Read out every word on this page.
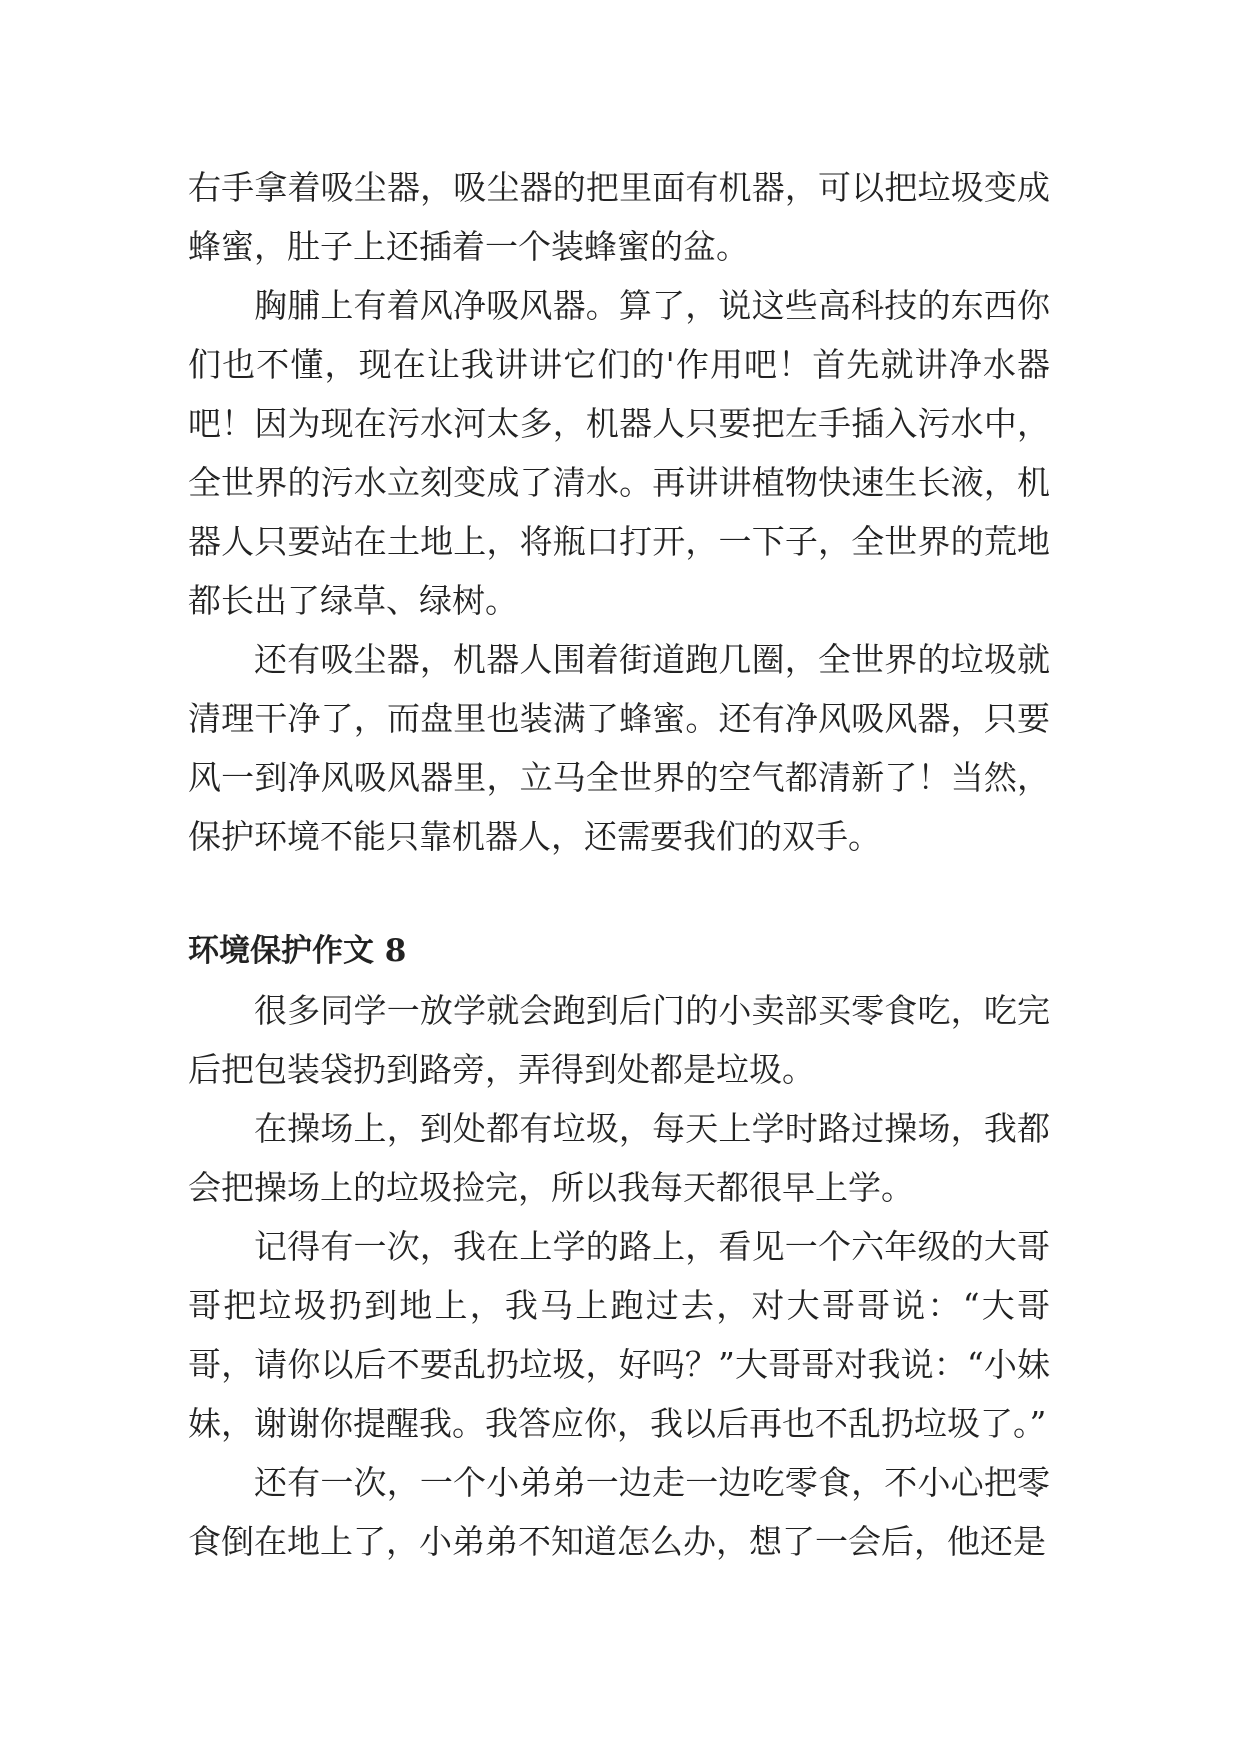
右手拿着吸尘器，吸尘器的把里面有机器，可以把垃圾变成蜂蜜，肚子上还插着一个装蜂蜜的盆。

胸脯上有着风净吸风器。算了，说这些高科技的东西你们也不懂，现在让我讲讲它们的'作用吧！首先就讲净水器吧！因为现在污水河太多，机器人只要把左手插入污水中，全世界的污水立刻变成了清水。再讲讲植物快速生长液，机器人只要站在土地上，将瓶口打开，一下子，全世界的荒地都长出了绿草、绿树。

还有吸尘器，机器人围着街道跑几圈，全世界的垃圾就清理干净了，而盘里也装满了蜂蜜。还有净风吸风器，只要风一到净风吸风器里，立马全世界的空气都清新了！当然，保护环境不能只靠机器人，还需要我们的双手。

环境保护作文 8

很多同学一放学就会跑到后门的小卖部买零食吃，吃完后把包装袋扔到路旁，弄得到处都是垃圾。

在操场上，到处都有垃圾，每天上学时路过操场，我都会把操场上的垃圾捡完，所以我每天都很早上学。

记得有一次，我在上学的路上，看见一个六年级的大哥哥把垃圾扔到地上，我马上跑过去，对大哥哥说：“大哥哥，请你以后不要乱扔垃圾，好吗？”大哥哥对我说：“小妹妹，谢谢你提醒我。我答应你，我以后再也不乱扔垃圾了。”

还有一次，一个小弟弟一边走一边吃零食，不小心把零食倒在地上了，小弟弟不知道怎么办，想了一会后，他还是
